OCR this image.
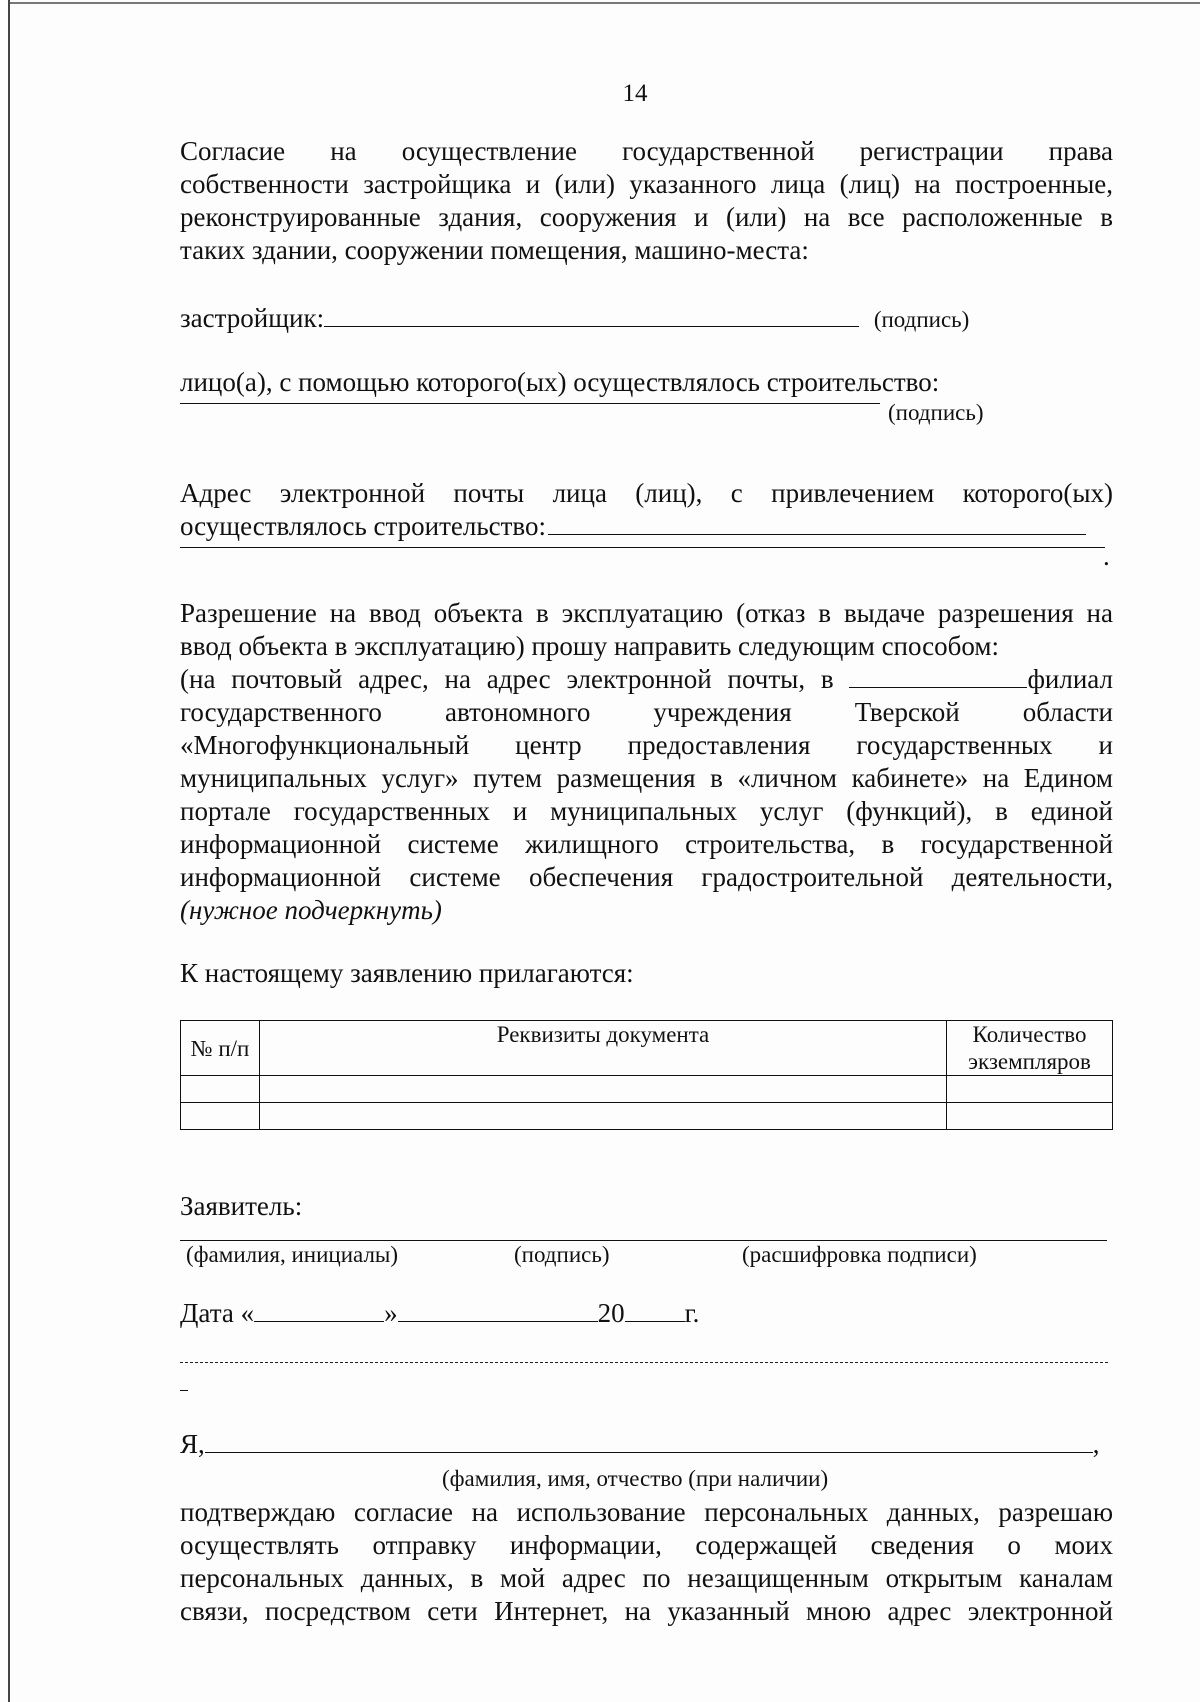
14
Согласие на осуществление государственной регистрации права
собственности застройщика и (или) указанного лица (лиц) на построенные,
реконструированные здания, сооружения и (или) на все расположенные в
таких здании, сооружении помещения, машино-места:
застройщик:	(подпись)
лицо(а), с помощью которого(ых) осуществлялось строительство:
(подпись)
Адрес электронной почты лица (лиц), с привлечением которого(ых)
осуществлялось строительство:
.
Разрешение на ввод объекта в эксплуатацию (отказ в выдаче разрешения на
ввод объекта в эксплуатацию) прошу направить следующим способом:
(на почтовый адрес, на адрес электронной почты, в	филиал
государственного автономного учреждения Тверской области
«Многофункциональный центр предоставления государственных и
муниципальных услуг» путем размещения в «личном кабинете» на Едином
портале государственных и муниципальных услуг (функций), в единой
информационной системе жилищного строительства, в государственной
информационной системе обеспечения градостроительной деятельности,
(нужное подчеркнуть)
К настоящему заявлению прилагаются:
№ п/п	Реквизиты документа	Количество экземпляров

Заявитель:
(фамилия, инициалы)	(подпись)	(расшифровка подписи)
Дата «	»	20 г.
Я,	,
(фамилия, имя, отчество (при наличии)
подтверждаю согласие на использование персональных данных, разрешаю
осуществлять отправку информации, содержащей сведения о моих
персональных данных, в мой адрес по незащищенным открытым каналам
связи, посредством сети Интернет, на указанный мною адрес электронной
